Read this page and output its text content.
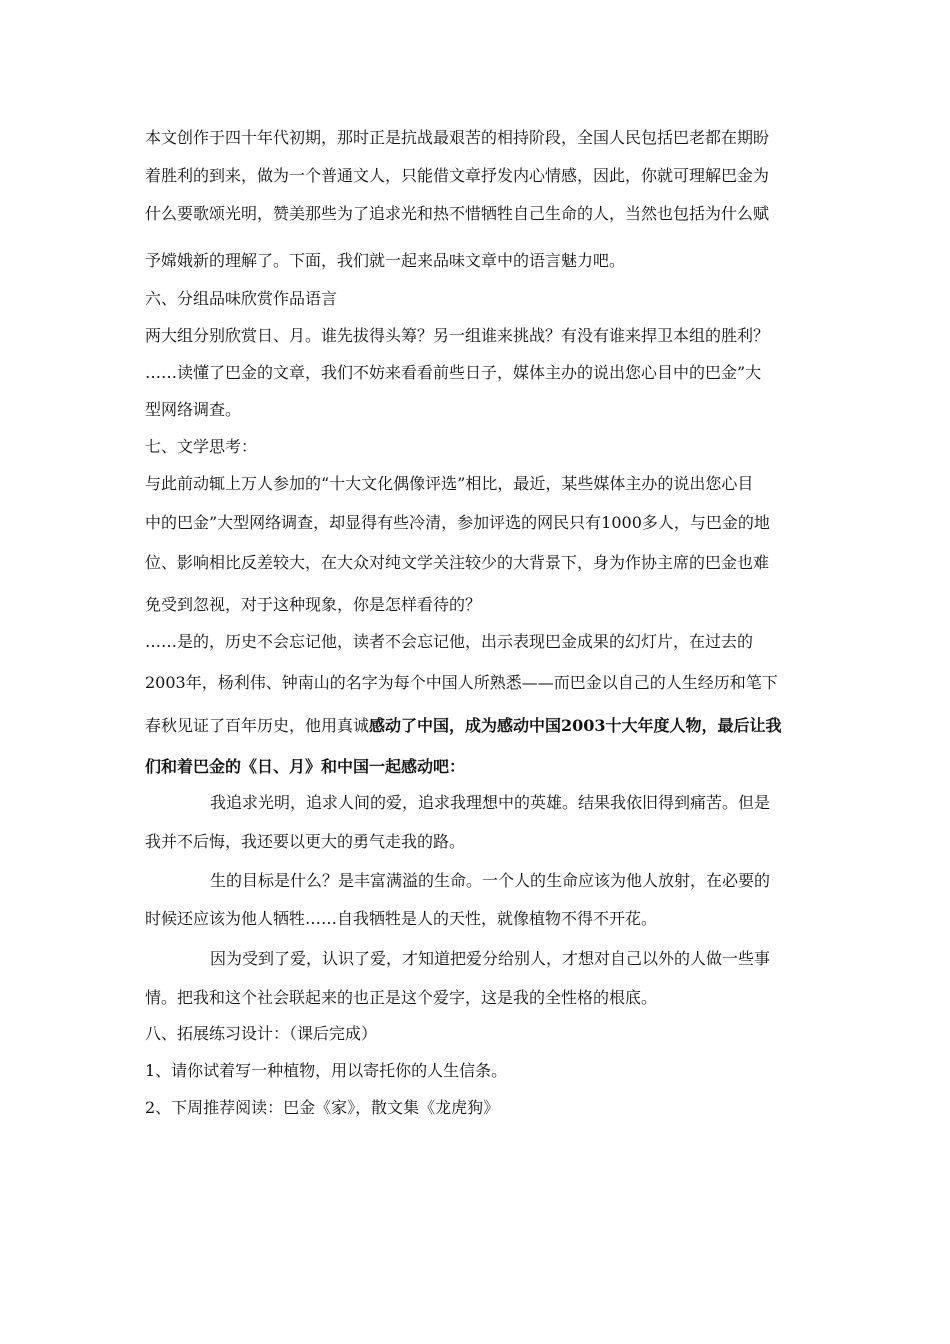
本文创作于四十年代初期，那时正是抗战最艰苦的相持阶段，全国人民包括巴老都在期盼
着胜利的到来，做为一个普通文人，只能借文章抒发内心情感，因此，你就可理解巴金为
什么要歌颂光明，赞美那些为了追求光和热不惜牺牲自己生命的人，当然也包括为什么赋
予嫦娥新的理解了。下面，我们就一起来品味文章中的语言魅力吧。
六、分组品味欣赏作品语言
两大组分别欣赏日、月。谁先拔得头筹？另一组谁来挑战？有没有谁来捍卫本组的胜利？
……读懂了巴金的文章，我们不妨来看看前些日子，媒体主办的说出您心目中的巴金”大
型网络调查。
七、文学思考：
与此前动辄上万人参加的“十大文化偶像评选”相比，最近，某些媒体主办的说出您心目
中的巴金”大型网络调查，却显得有些冷清，参加评选的网民只有1000多人，与巴金的地
位、影响相比反差较大，在大众对纯文学关注较少的大背景下，身为作协主席的巴金也难
免受到忽视，对于这种现象，你是怎样看待的？
……是的，历史不会忘记他，读者不会忘记他，出示表现巴金成果的幻灯片，在过去的
2003年，杨利伟、钟南山的名字为每个中国人所熟悉——而巴金以自己的人生经历和笔下
春秋见证了百年历史，他用真诚感动了中国，成为感动中国2003十大年度人物，最后让我
们和着巴金的《日、月》和中国一起感动吧：
我追求光明，追求人间的爱，追求我理想中的英雄。结果我依旧得到痛苦。但是
我并不后悔，我还要以更大的勇气走我的路。
生的目标是什么？是丰富满溢的生命。一个人的生命应该为他人放射，在必要的
时候还应该为他人牺牲……自我牺牲是人的天性，就像植物不得不开花。
因为受到了爱，认识了爱，才知道把爱分给别人，才想对自己以外的人做一些事
情。把我和这个社会联起来的也正是这个爱字，这是我的全性格的根底。
八、拓展练习设计：（课后完成）
1、请你试着写一种植物，用以寄托你的人生信条。
2、下周推荐阅读：巴金《家》，散文集《龙虎狗》
